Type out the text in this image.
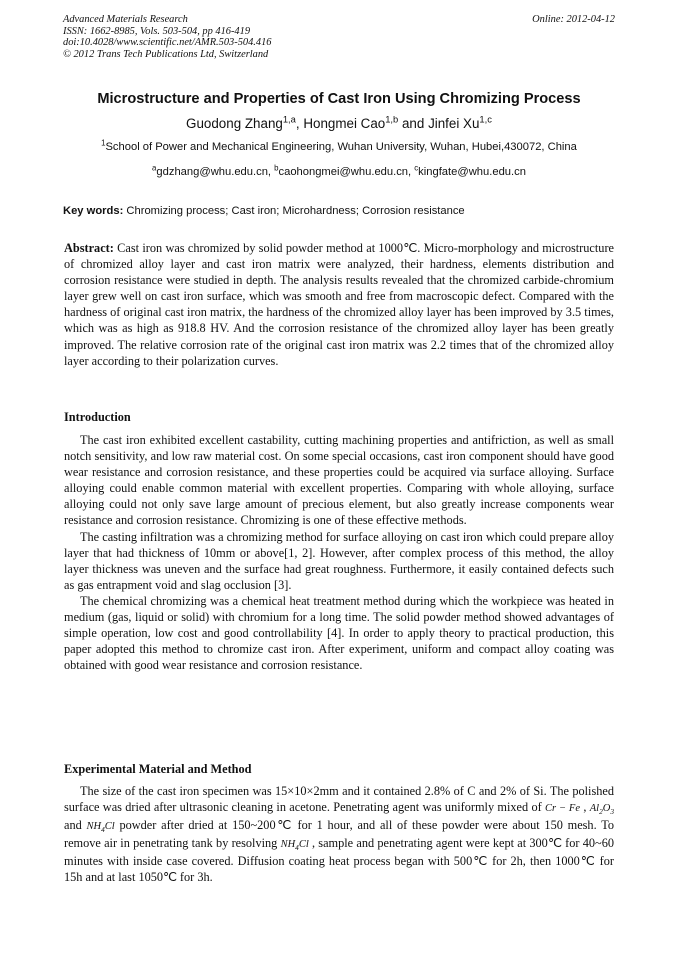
Advanced Materials Research
ISSN: 1662-8985, Vols. 503-504, pp 416-419
doi:10.4028/www.scientific.net/AMR.503-504.416
© 2012 Trans Tech Publications Ltd, Switzerland
Online: 2012-04-12
Microstructure and Properties of Cast Iron Using Chromizing Process
Guodong Zhang$^{1,a}$, Hongmei Cao$^{1,b}$ and Jinfei Xu$^{1,c}$
$^1$School of Power and Mechanical Engineering, Wuhan University, Wuhan, Hubei,430072, China
$^a$gdzhang@whu.edu.cn, $^b$caohongmei@whu.edu.cn, $^c$kingfate@whu.edu.cn
Key words: Chromizing process; Cast iron; Microhardness; Corrosion resistance
Abstract: Cast iron was chromized by solid powder method at 1000℃. Micro-morphology and microstructure of chromized alloy layer and cast iron matrix were analyzed, their hardness, elements distribution and corrosion resistance were studied in depth. The analysis results revealed that the chromized carbide-chromium layer grew well on cast iron surface, which was smooth and free from macroscopic defect. Compared with the hardness of original cast iron matrix, the hardness of the chromized alloy layer has been improved by 3.5 times, which was as high as 918.8 HV. And the corrosion resistance of the chromized alloy layer has been greatly improved. The relative corrosion rate of the original cast iron matrix was 2.2 times that of the chromized alloy layer according to their polarization curves.
Introduction

The cast iron exhibited excellent castability, cutting machining properties and antifriction, as well as small notch sensitivity, and low raw material cost. On some special occasions, cast iron component should have good wear resistance and corrosion resistance, and these properties could be acquired via surface alloying. Surface alloying could enable common material with excellent properties. Comparing with whole alloying, surface alloying could not only save large amount of precious element, but also greatly increase components wear resistance and corrosion resistance. Chromizing is one of these effective methods.

The casting infiltration was a chromizing method for surface alloying on cast iron which could prepare alloy layer that had thickness of 10mm or above[1, 2]. However, after complex process of this method, the alloy layer thickness was uneven and the surface had great roughness. Furthermore, it easily contained defects such as gas entrapment void and slag occlusion [3].

The chemical chromizing was a chemical heat treatment method during which the workpiece was heated in medium (gas, liquid or solid) with chromium for a long time. The solid powder method showed advantages of simple operation, low cost and good controllability [4]. In order to apply theory to practical production, this paper adopted this method to chromize cast iron. After experiment, uniform and compact alloy coating was obtained with good wear resistance and corrosion resistance.

Experimental Material and Method

The size of the cast iron specimen was 15×10×2mm and it contained 2.8% of C and 2% of Si. The polished surface was dried after ultrasonic cleaning in acetone. Penetrating agent was uniformly mixed of Cr − Fe , $Al_2O_3$ and $NH_4Cl$ powder after dried at 150~200℃ for 1 hour, and all of these powder were about 150 mesh. To remove air in penetrating tank by resolving $NH_4Cl$ , sample and penetrating agent were kept at 300℃ for 40~60 minutes with inside case covered. Diffusion coating heat process began with 500℃ for 2h, then 1000℃ for 15h and at last 1050℃ for 3h.
